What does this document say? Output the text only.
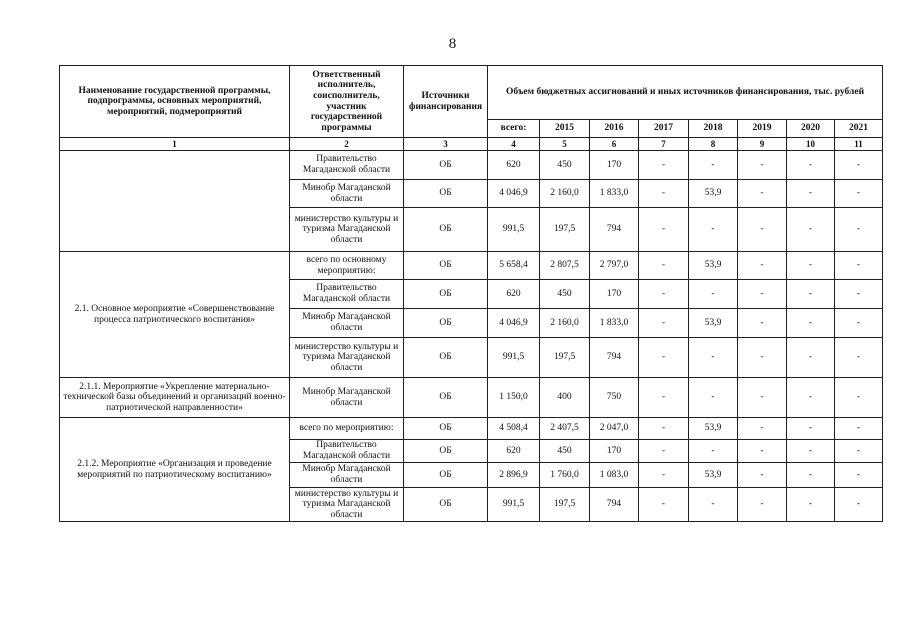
8
Наименование государственной программы, подпрограммы, основных мероприятий, мероприятий, подмероприятий	Ответственный исполнитель, соисполнитель, участник государственной программы	Источники финансирования	Объем бюджетных ассигнований и иных источников финансирования, тыс. рублей							
			всего:	2015	2016	2017	2018	2019	2020	2021
1	2	3	4	5	6	7	8	9	10	11
	Правительство Магаданской области	ОБ	620	450	170	-	-	-	-	-
	Минобр Магаданской области	ОБ	4 046,9	2 160,0	1 833,0	-	53,9	-	-	-
	министерство культуры и туризма Магаданской области	ОБ	991,5	197,5	794	-	-	-	-	-
2.1. Основное мероприятие «Совершенствование процесса патриотического воспитания»	всего по основному мероприятию:	ОБ	5 658,4	2 807,5	2 797,0	-	53,9	-	-	-
	Правительство Магаданской области	ОБ	620	450	170	-	-	-	-	-
	Минобр Магаданской области	ОБ	4 046,9	2 160,0	1 833,0	-	53,9	-	-	-
	министерство культуры и туризма Магаданской области	ОБ	991,5	197,5	794	-	-	-	-	-
2.1.1. Мероприятие «Укрепление материально-технической базы объединений и организаций военно-патриотической направленности»	Минобр Магаданской области	ОБ	1 150,0	400	750	-	-	-	-	-
2.1.2. Мероприятие «Организация и проведение мероприятий по патриотическому воспитанию»	всего по мероприятию:	ОБ	4 508,4	2 407,5	2 047,0	-	53,9	-	-	-
	Правительство Магаданской области	ОБ	620	450	170	-	-	-	-	-
	Минобр Магаданской области	ОБ	2 896,9	1 760,0	1 083,0	-	53,9	-	-	-
	министерство культуры и туризма Магаданской области	ОБ	991,5	197,5	794	-	-	-	-	-
